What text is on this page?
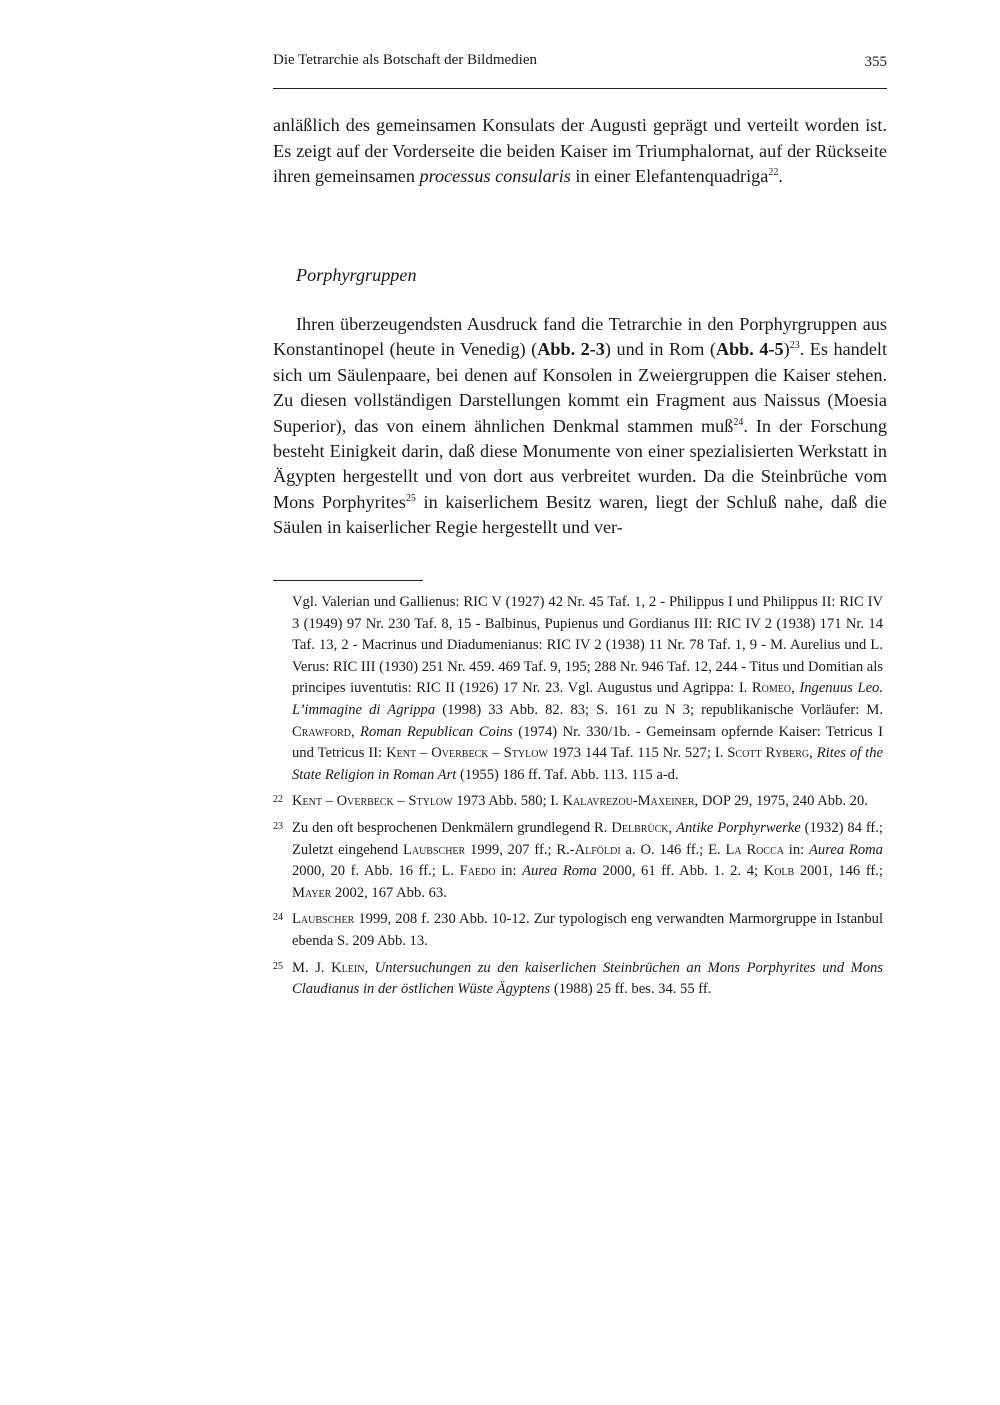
Die Tetrarchie als Botschaft der Bildmedien	355

anläßlich des gemeinsamen Konsulats der Augusti geprägt und verteilt worden ist. Es zeigt auf der Vorderseite die beiden Kaiser im Triumphalornat, auf der Rückseite ihren gemeinsamen processus consularis in einer Elefantenquadriga$^{22}$.

Porphyrgruppen

Ihren überzeugendsten Ausdruck fand die Tetrarchie in den Porphyrgruppen aus Konstantinopel (heute in Venedig) (Abb. 2-3) und in Rom (Abb. 4-5)$^{23}$. Es handelt sich um Säulenpaare, bei denen auf Konsolen in Zweiergruppen die Kaiser stehen. Zu diesen vollständigen Darstellungen kommt ein Fragment aus Naissus (Moesia Superior), das von einem ähnlichen Denkmal stammen muß$^{24}$. In der Forschung besteht Einigkeit darin, daß diese Monumente von einer spezialisierten Werkstatt in Ägypten hergestellt und von dort aus verbreitet wurden. Da die Steinbrüche vom Mons Porphyrites$^{25}$ in kaiserlichem Besitz waren, liegt der Schluß nahe, daß die Säulen in kaiserlicher Regie hergestellt und ver-

Vgl. Valerian und Gallienus: RIC V (1927) 42 Nr. 45 Taf. 1, 2 - Philippus I und Philippus II: RIC IV 3 (1949) 97 Nr. 230 Taf. 8, 15 - Balbinus, Pupienus und Gordianus III: RIC IV 2 (1938) 171 Nr. 14 Taf. 13, 2 - Macrinus und Diadumenianus: RIC IV 2 (1938) 11 Nr. 78 Taf. 1, 9 - M. Aurelius und L. Verus: RIC III (1930) 251 Nr. 459. 469 Taf. 9, 195; 288 Nr. 946 Taf. 12, 244 - Titus und Domitian als principes iuventutis: RIC II (1926) 17 Nr. 23. Vgl. Augustus und Agrippa: I. Romeo, Ingenuus Leo. L’immagine di Agrippa (1998) 33 Abb. 82. 83; S. 161 zu N 3; republikanische Vorläufer: M. Crawford, Roman Republican Coins (1974) Nr. 330/1b. - Gemeinsam opfernde Kaiser: Tetricus I und Tetricus II: Kent – Overbeck – Stylow 1973 144 Taf. 115 Nr. 527; I. Scott Ryberg, Rites of the State Religion in Roman Art (1955) 186 ff. Taf. Abb. 113. 115 a-d.

22 Kent – Overbeck – Stylow 1973 Abb. 580; I. Kalavrezou-Maxeiner, DOP 29, 1975, 240 Abb. 20.

23 Zu den oft besprochenen Denkmälern grundlegend R. Delbrück, Antike Porphyrwerke (1932) 84 ff.; Zuletzt eingehend Laubscher 1999, 207 ff.; R.-Alföldi a. O. 146 ff.; E. La Rocca in: Aurea Roma 2000, 20 f. Abb. 16 ff.; L. Faedo in: Aurea Roma 2000, 61 ff. Abb. 1. 2. 4; Kolb 2001, 146 ff.; Mayer 2002, 167 Abb. 63.

24 Laubscher 1999, 208 f. 230 Abb. 10-12. Zur typologisch eng verwandten Marmorgruppe in Istanbul ebenda S. 209 Abb. 13.

25 M. J. Klein, Untersuchungen zu den kaiserlichen Steinbrüchen an Mons Porphyrites und Mons Claudianus in der östlichen Wüste Ägyptens (1988) 25 ff. bes. 34. 55 ff.
